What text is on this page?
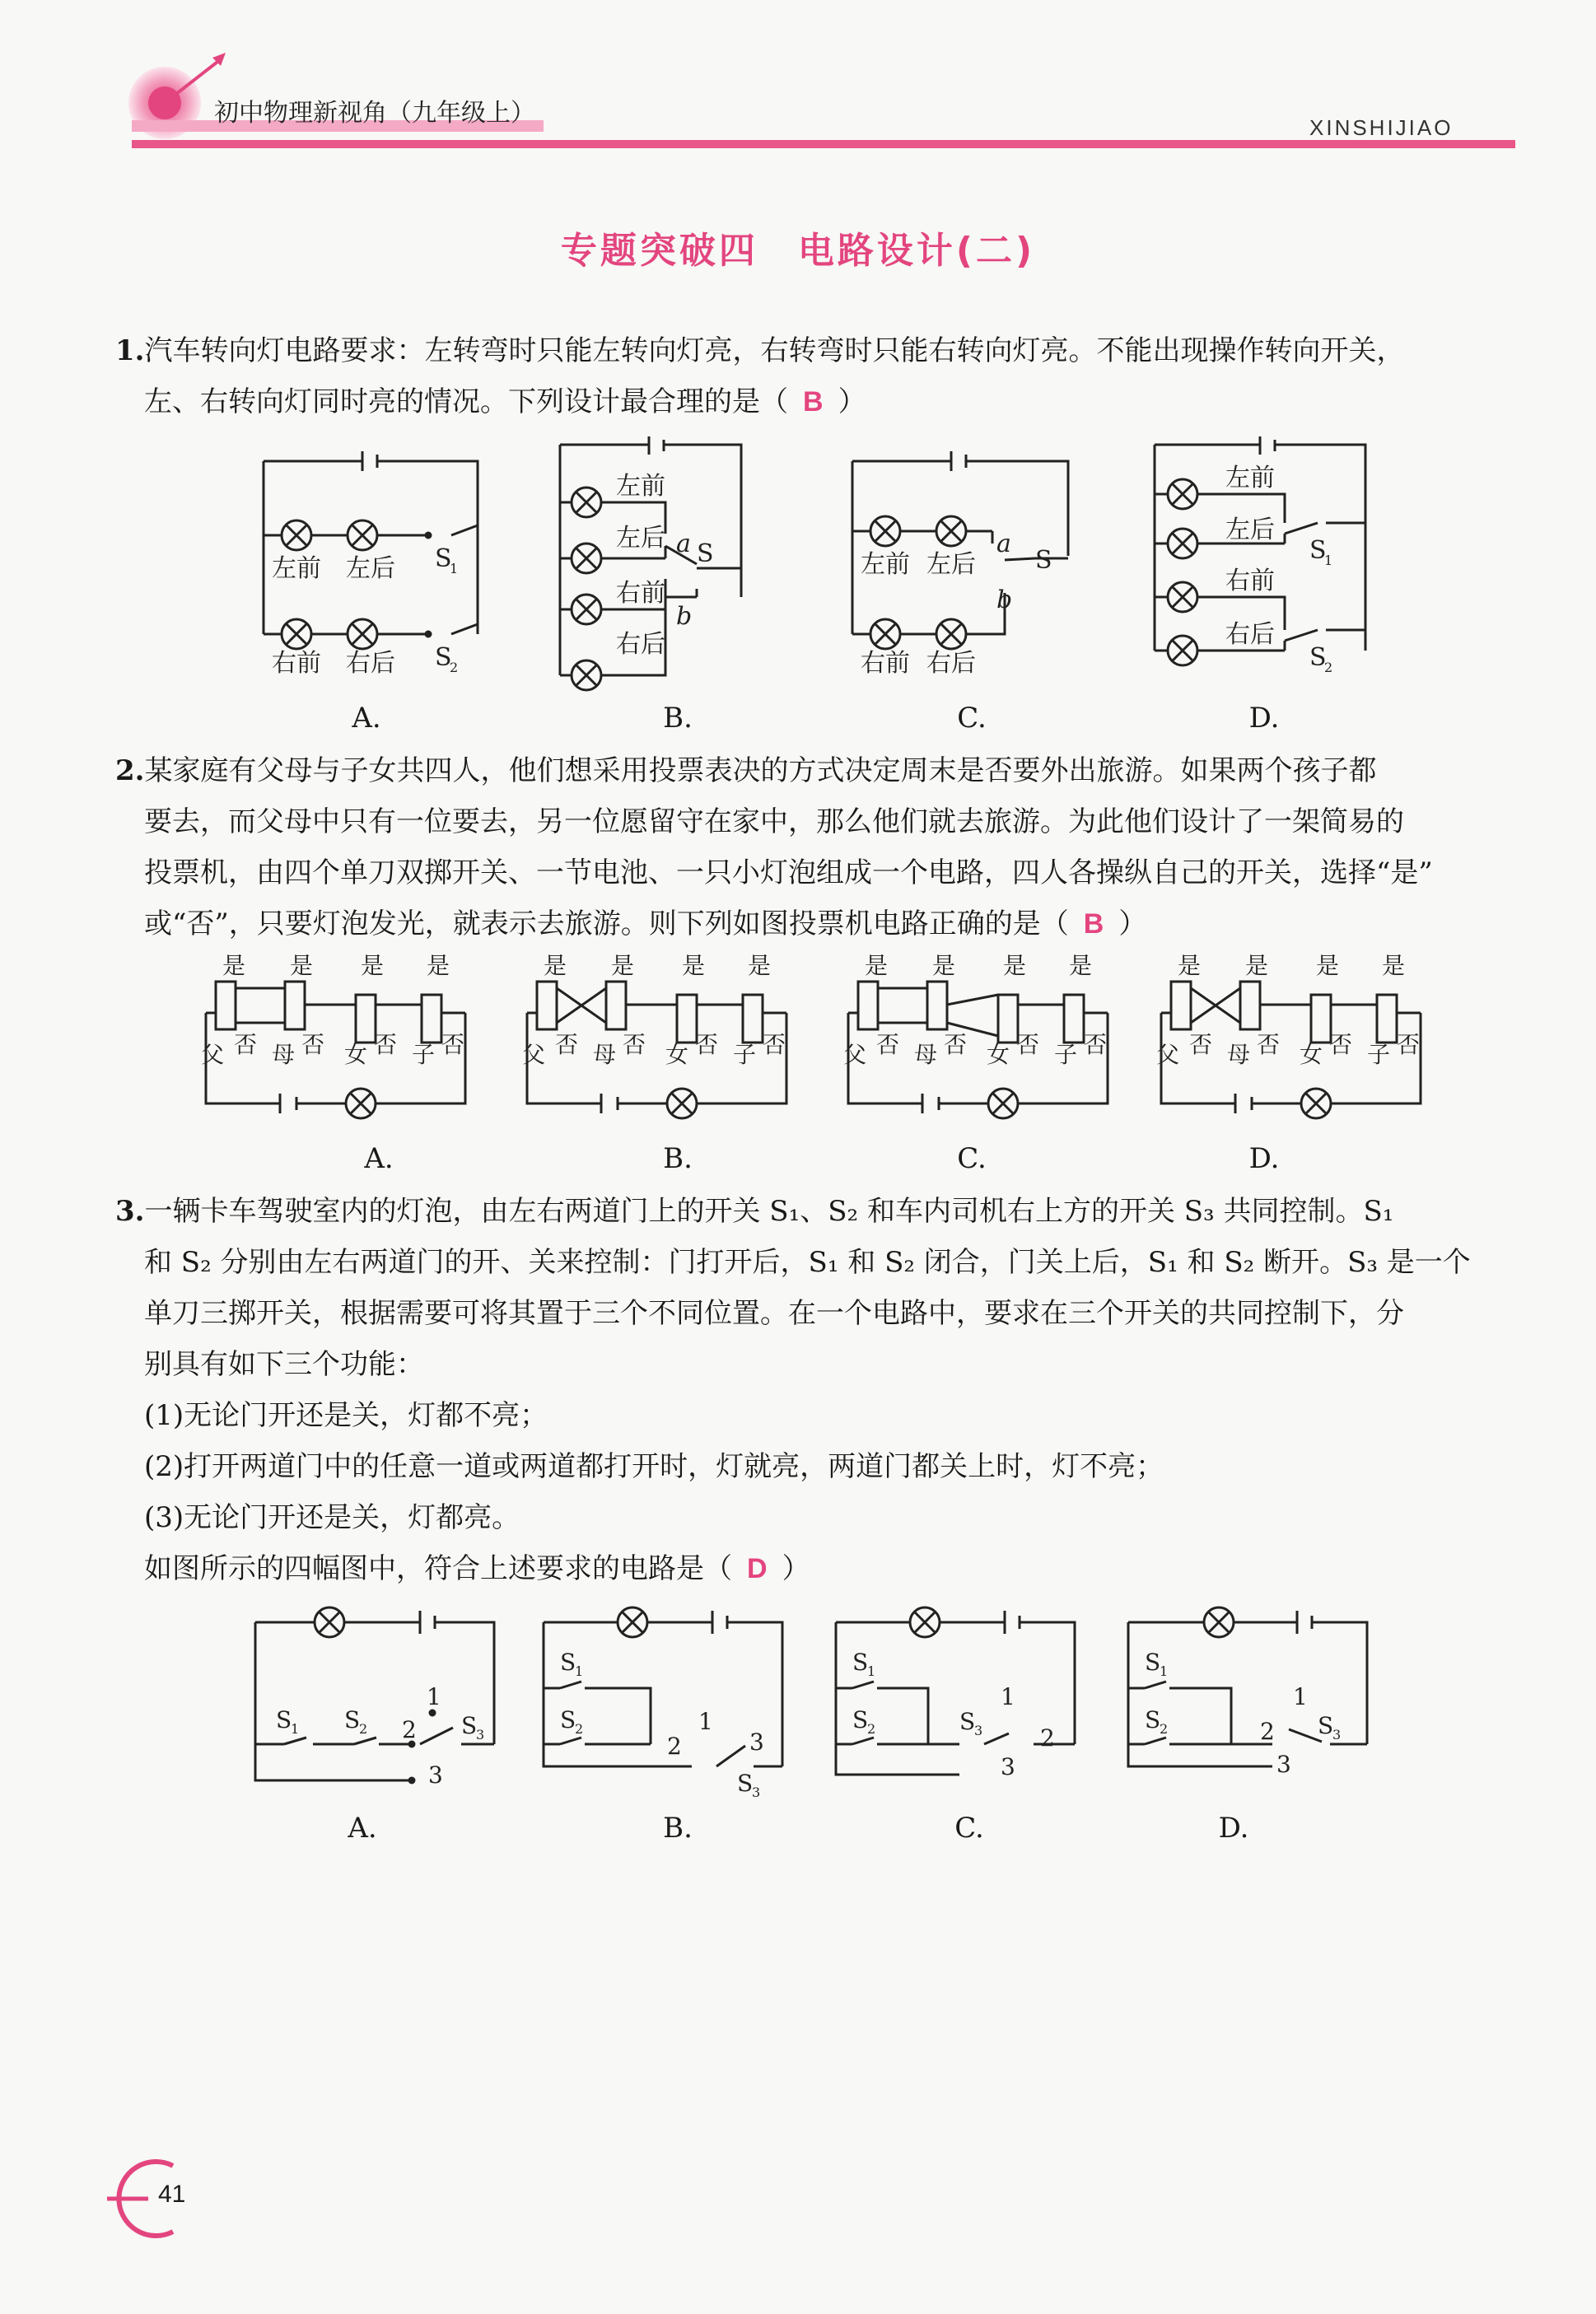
初中物理新视角（九年级上）	XINSHIJIAO
专题突破四　电路设计(二)

1.汽车转向灯电路要求：左转弯时只能左转向灯亮，右转弯时只能右转向灯亮。不能出现操作转向开关，

左、右转向灯同时亮的情况。下列设计最合理的是（ B ）

左前 左后
右前 右后
S
1
S
2
左前
左后
右前
右后
a S
b
左前 左后
右前 右后
a
S
b
左前
左后
右前
右后
S
1
S
2
A.	B.	C.	D.

2.某家庭有父母与子女共四人，他们想采用投票表决的方式决定周末是否要外出旅游。如果两个孩子都

要去，而父母中只有一位要去，另一位愿留守在家中，那么他们就去旅游。为此他们设计了一架简易的

投票机，由四个单刀双掷开关、一节电池、一只小灯泡组成一个电路，四人各操纵自己的开关，选择“是”

或“否”，只要灯泡发光，就表示去旅游。则下列如图投票机电路正确的是（ B ）

是 是 是 是
父 否 母 否 女 否 子 否
是 是 是 是
父 否 母 否 女 否 子 否
是 是 是 是
父 否 母 否 女 否 子 否
是 是 是 是
父 否 母 否 女 否 子 否
A.	B.	C.	D.

3.一辆卡车驾驶室内的灯泡，由左右两道门上的开关 S₁、S₂ 和车内司机右上方的开关 S₃ 共同控制。S₁

和 S₂ 分别由左右两道门的开、关来控制：门打开后，S₁ 和 S₂ 闭合，门关上后，S₁ 和 S₂ 断开。S₃ 是一个

单刀三掷开关，根据需要可将其置于三个不同位置。在一个电路中，要求在三个开关的共同控制下，分

别具有如下三个功能：

(1)无论门开还是关，灯都不亮；

(2)打开两道门中的任意一道或两道都打开时，灯就亮，两道门都关上时，灯不亮；

(3)无论门开还是关，灯都亮。

如图所示的四幅图中，符合上述要求的电路是（ D ）

S
1 S
2
1
2
3
S
3
S
1
S
2
2
1
3
S
3
S
1
S
2	S
3
1
2
3
S
1
S
2
1
2
3
S
3
A.	B.	C.	D.
41
